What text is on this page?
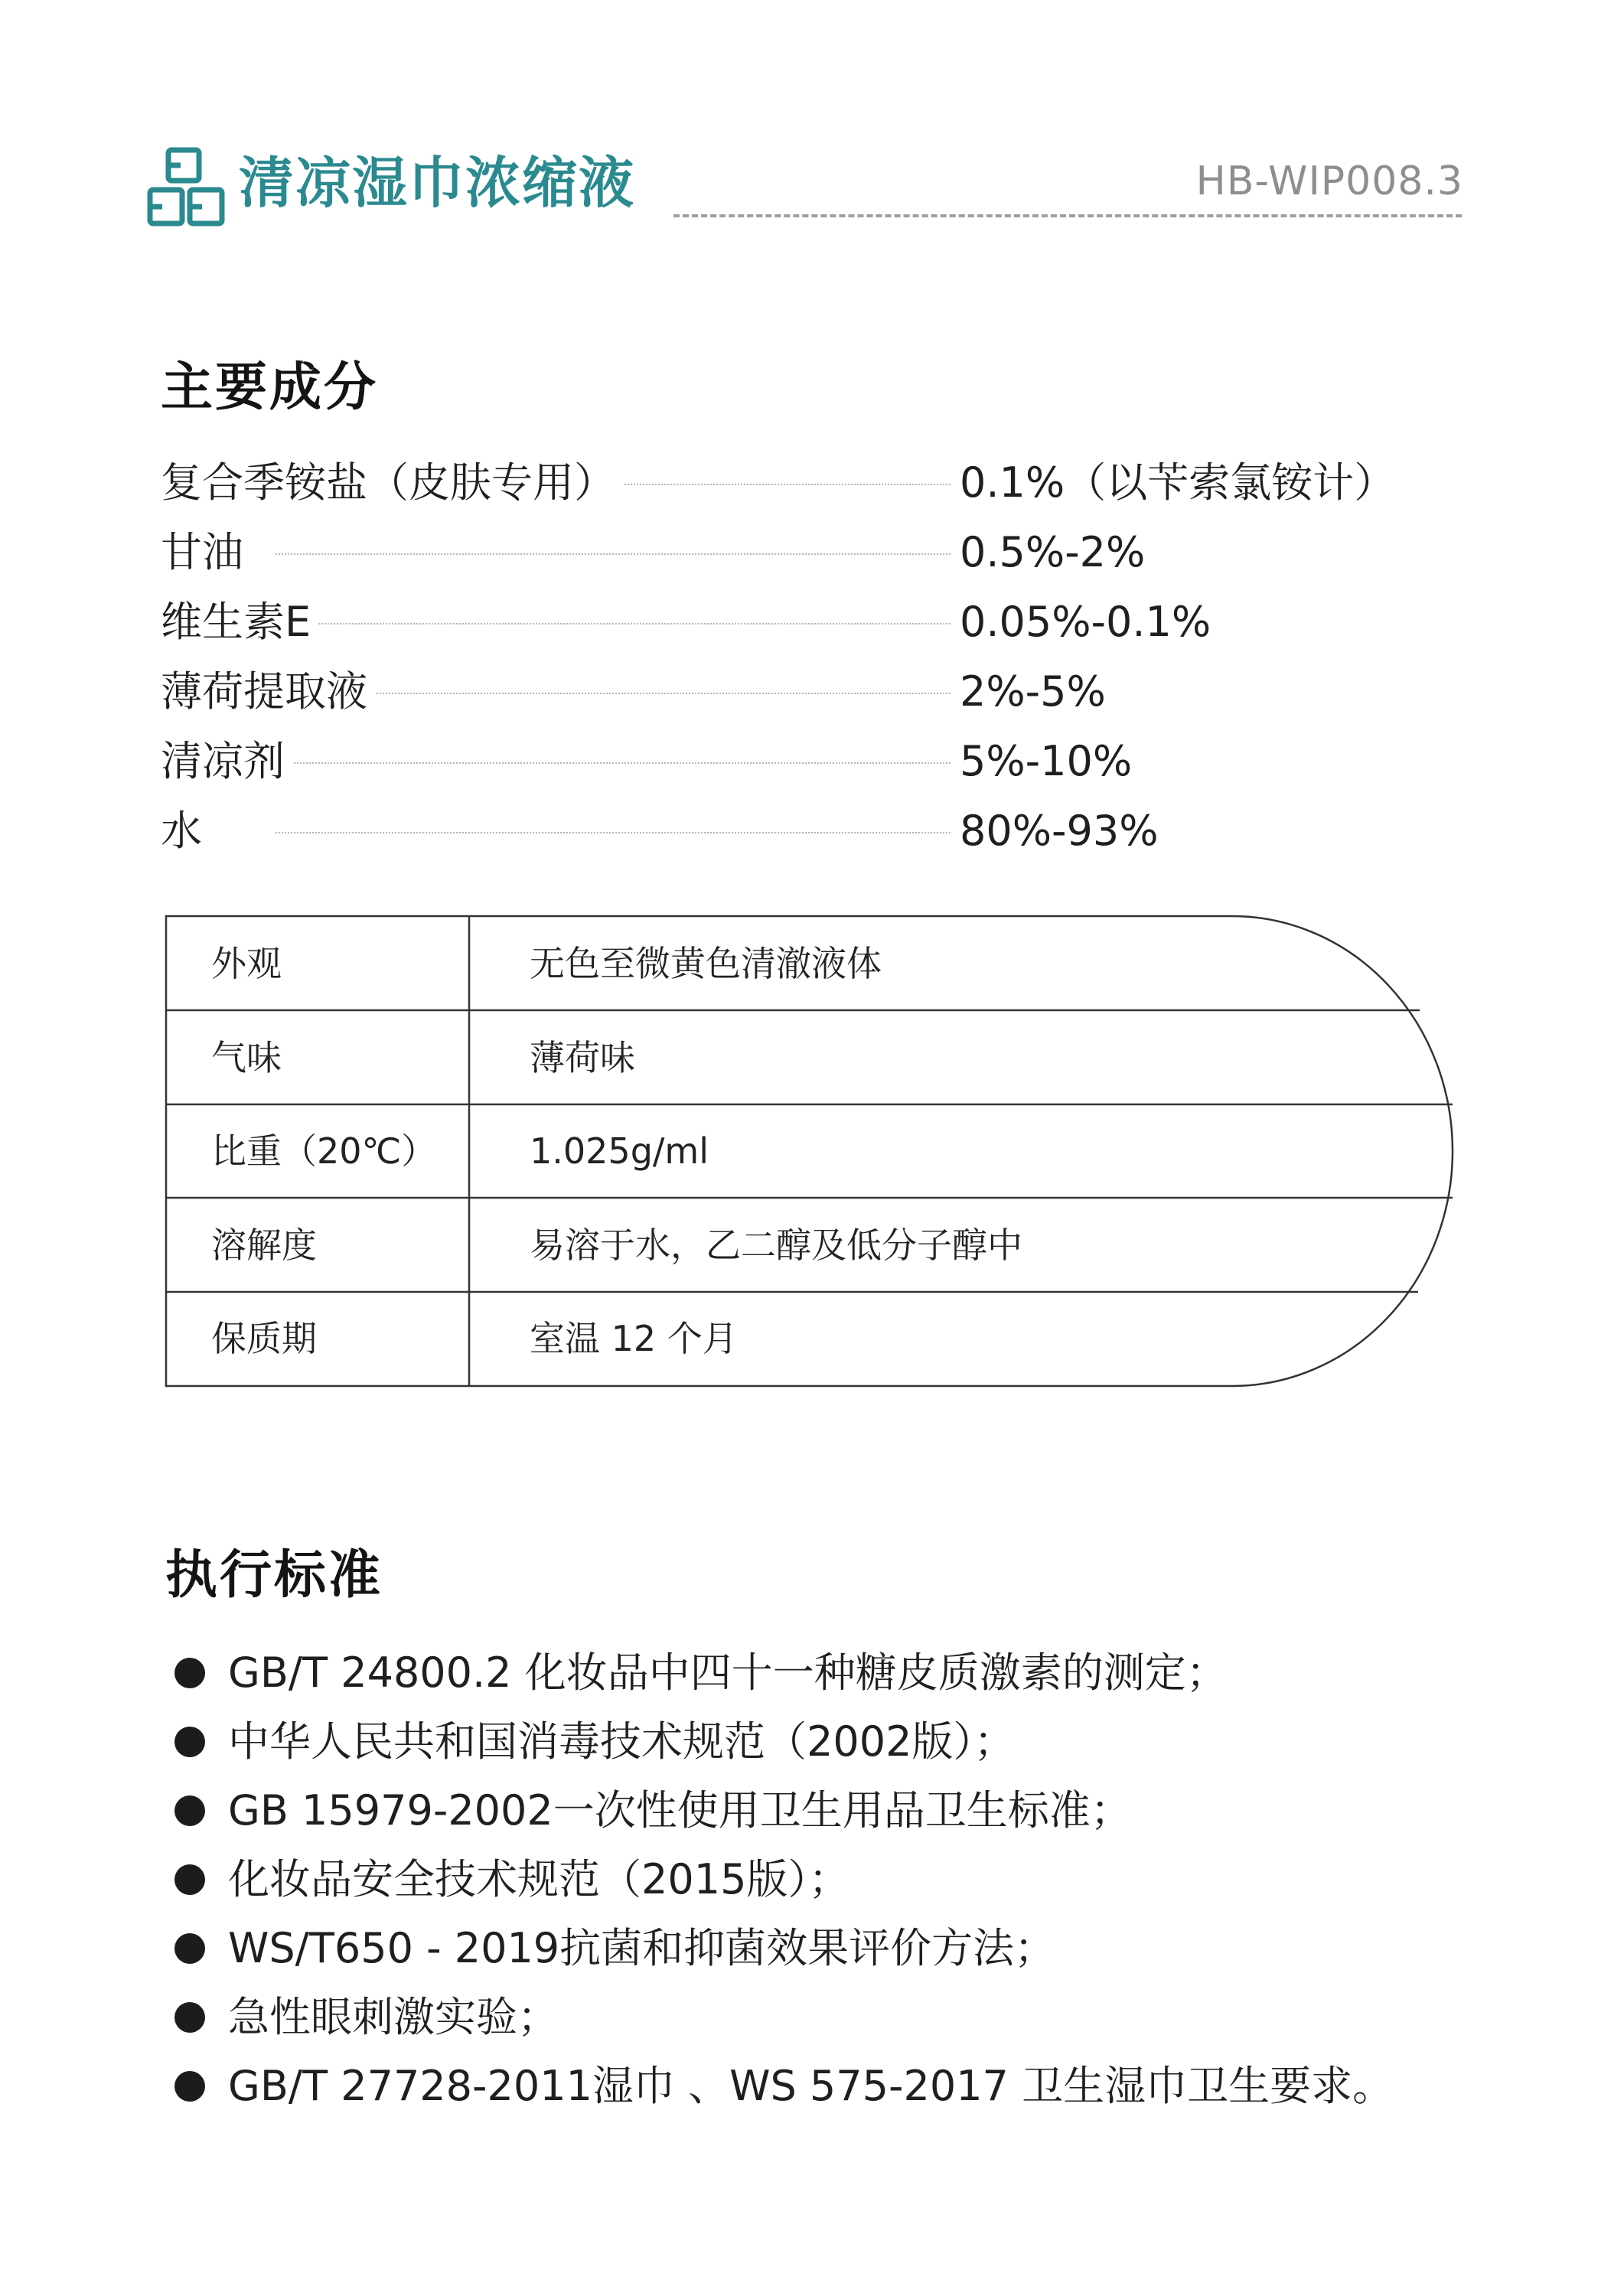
清凉湿巾浓缩液	HB-WIP008.3
主要成分
复合季铵盐（皮肤专用）	0.1%（以苄索氯铵计）
甘油	0.5%-2%
维生素E	0.05%-0.1%
薄荷提取液	2%-5%
清凉剂	5%-10%
水	80%-93%
外观	无色至微黄色清澈液体
气味	薄荷味
比重（20℃）	1.025g/ml
溶解度	易溶于水，乙二醇及低分子醇中
保质期	室温 12 个月
执行标准
GB/T 24800.2 化妆品中四十一种糖皮质激素的测定；
中华人民共和国消毒技术规范（2002版）；
GB 15979-2002一次性使用卫生用品卫生标准；
化妆品安全技术规范（2015版）；
WS/T650 - 2019抗菌和抑菌效果评价方法；
急性眼刺激实验；
GB/T 27728-2011湿巾 、WS 575-2017 卫生湿巾卫生要求。
